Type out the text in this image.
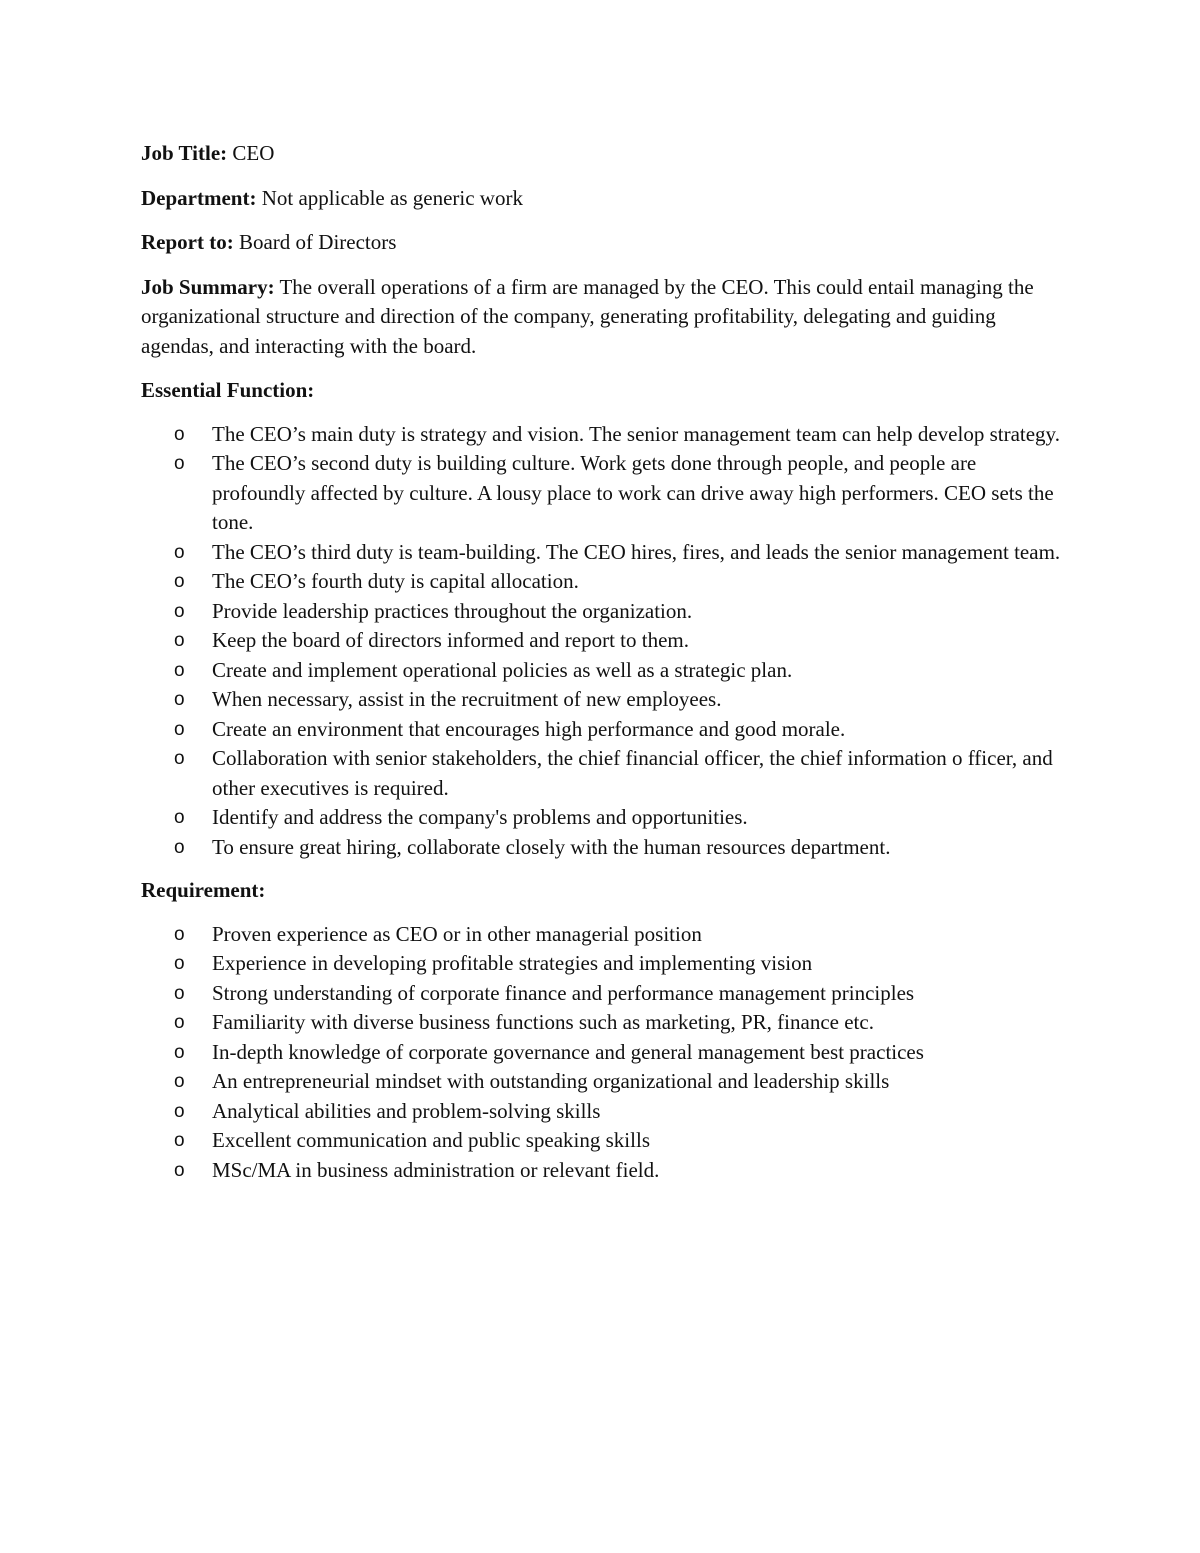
Job Title: CEO

Department: Not applicable as generic work

Report to: Board of Directors

Job Summary: The overall operations of a firm are managed by the CEO. This could entail managing the organizational structure and direction of the company, generating profitability, delegating and guiding agendas, and interacting with the board.

Essential Function:

o The CEO’s main duty is strategy and vision. The senior management team can help develop strategy.
o The CEO’s second duty is building culture. Work gets done through people, and people are profoundly affected by culture. A lousy place to work can drive away high performers. CEO sets the tone.
o The CEO’s third duty is team-building. The CEO hires, fires, and leads the senior management team.
o The CEO’s fourth duty is capital allocation.
o Provide leadership practices throughout the organization.
o Keep the board of directors informed and report to them.
o Create and implement operational policies as well as a strategic plan.
o When necessary, assist in the recruitment of new employees.
o Create an environment that encourages high performance and good morale.
o Collaboration with senior stakeholders, the chief financial officer, the chief information o fficer, and other executives is required.
o Identify and address the company's problems and opportunities.
o To ensure great hiring, collaborate closely with the human resources department.

Requirement:

o Proven experience as CEO or in other managerial position
o Experience in developing profitable strategies and implementing vision
o Strong understanding of corporate finance and performance management principles
o Familiarity with diverse business functions such as marketing, PR, finance etc.
o In-depth knowledge of corporate governance and general management best practices
o An entrepreneurial mindset with outstanding organizational and leadership skills
o Analytical abilities and problem-solving skills
o Excellent communication and public speaking skills
o MSc/MA in business administration or relevant field.
